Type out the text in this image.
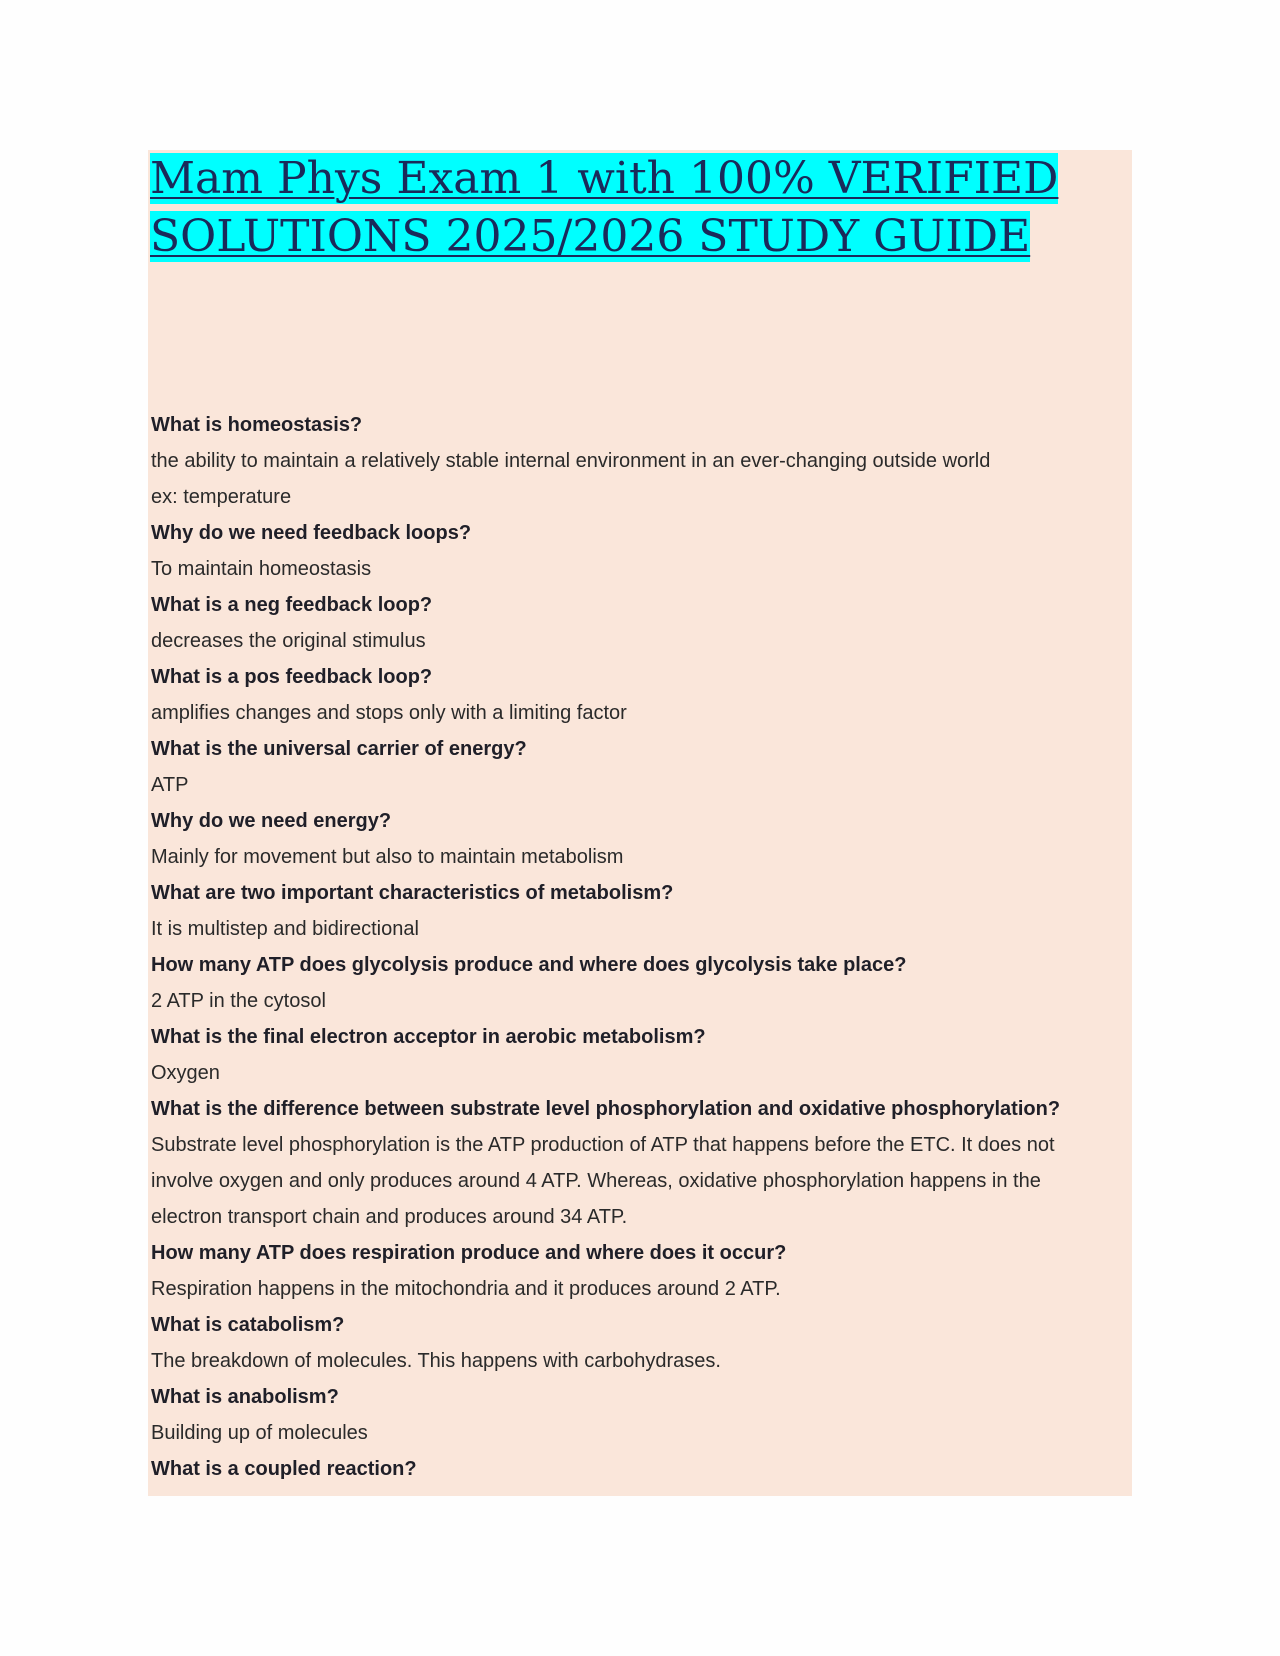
Mam Phys Exam 1 with 100% VERIFIED
SOLUTIONS 2025/2026 STUDY GUIDE
What is homeostasis?
the ability to maintain a relatively stable internal environment in an ever-changing outside world
ex: temperature
Why do we need feedback loops?
To maintain homeostasis
What is a neg feedback loop?
decreases the original stimulus
What is a pos feedback loop?
amplifies changes and stops only with a limiting factor
What is the universal carrier of energy?
ATP
Why do we need energy?
Mainly for movement but also to maintain metabolism
What are two important characteristics of metabolism?
It is multistep and bidirectional
How many ATP does glycolysis produce and where does glycolysis take place?
2 ATP in the cytosol
What is the final electron acceptor in aerobic metabolism?
Oxygen
What is the difference between substrate level phosphorylation and oxidative phosphorylation?
Substrate level phosphorylation is the ATP production of ATP that happens before the ETC. It does not
involve oxygen and only produces around 4 ATP. Whereas, oxidative phosphorylation happens in the
electron transport chain and produces around 34 ATP.
How many ATP does respiration produce and where does it occur?
Respiration happens in the mitochondria and it produces around 2 ATP.
What is catabolism?
The breakdown of molecules. This happens with carbohydrases.
What is anabolism?
Building up of molecules
What is a coupled reaction?
